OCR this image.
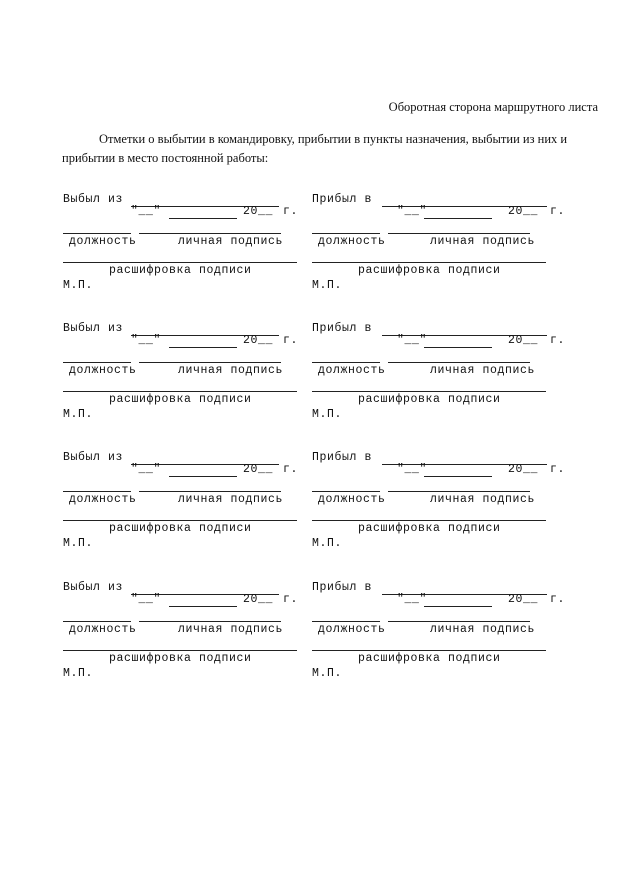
Оборотная сторона маршрутного листа
Отметки о выбытии в командировку, прибытии в пункты назначения, выбытии из них и прибытии в место постоянной работы:
Выбыл из
"__"	20__ г.
должность	личная подпись
расшифровка подписи
М.П.
Прибыл в
"__"	20__ г.
должность	личная подпись
расшифровка подписи
М.П.
Выбыл из
"__"	20__ г.
должность	личная подпись
расшифровка подписи
М.П.
Прибыл в
"__"	20__ г.
должность	личная подпись
расшифровка подписи
М.П.
Выбыл из
"__"	20__ г.
должность	личная подпись
расшифровка подписи
М.П.
Прибыл в
"__"	20__ г.
должность	личная подпись
расшифровка подписи
М.П.
Выбыл из
"__"	20__ г.
должность	личная подпись
расшифровка подписи
М.П.
Прибыл в
"__"	20__ г.
должность	личная подпись
расшифровка подписи
М.П.
